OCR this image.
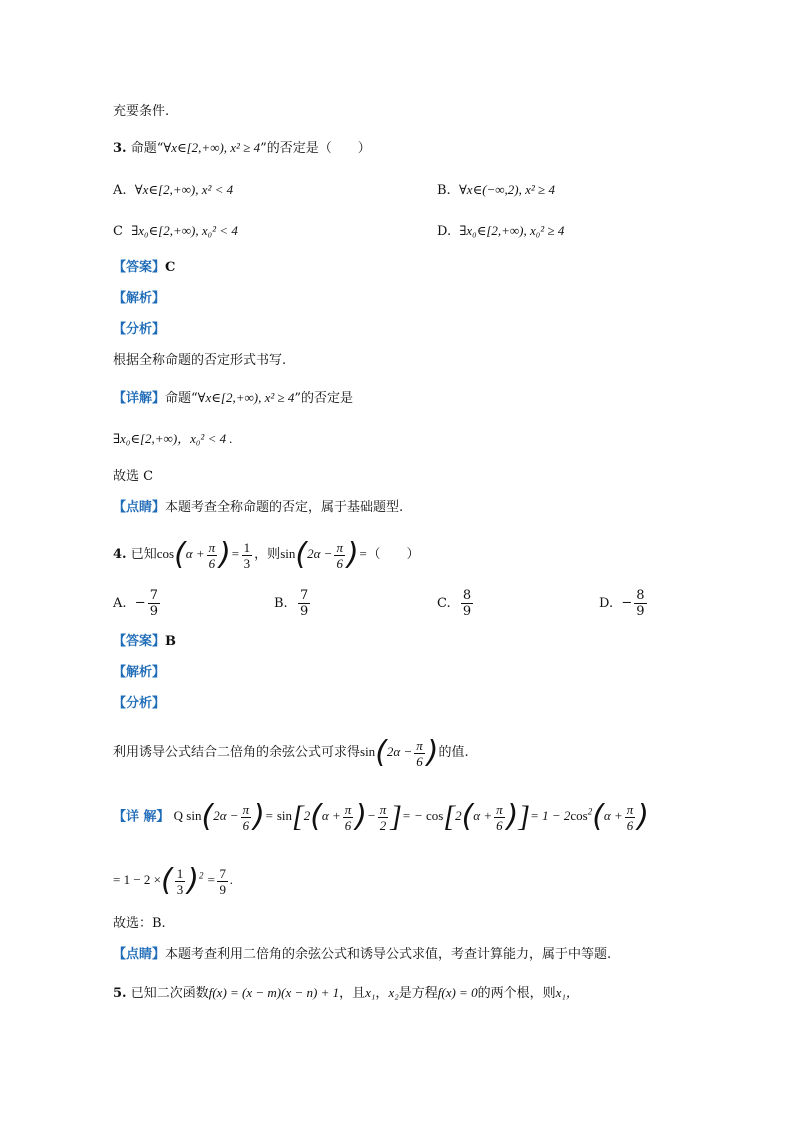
充要条件.
3. 命题“∀x∈[2,+∞), x² ≥ 4”的否定是（　　）
A. ∀x∈[2,+∞), x² < 4	B. ∀x∈(−∞,2), x² ≥ 4
C ∃x₀∈[2,+∞), x₀² < 4	D. ∃x₀∈[2,+∞), x₀² ≥ 4
【答案】C
【解析】
【分析】
根据全称命题的否定形式书写.
【详解】命题“∀x∈[2,+∞), x² ≥ 4”的否定是
∃x₀∈[2,+∞)，x₀² < 4 .
故选 C
【点睛】本题考查全称命题的否定，属于基础题型.
4. 已知$\cos(\alpha + \frac{\pi}{6}$ )= $\frac{1}{3}$ ，则$\sin(2\alpha - \frac{\pi}{6}$ )=（　　）
A. − $\frac{7}{9}$	B. $\frac{7}{9}$	C. $\frac{8}{9}$	D. − $\frac{8}{9}$
【答案】B
【解析】
【分析】
利用诱导公式结合二倍角的余弦公式可求得$\sin(2\alpha - \frac{\pi}{6}$ )的值.
【详 解】 Q $\sin(2\alpha - \frac{\pi}{6}$ )= $\sin[2(\alpha + \frac{\pi}{6}$ )− $\frac{\pi}{2}$ ]= − $\cos[2(\alpha + \frac{\pi}{6}$ )]= $1 - 2\cos^2(\alpha + \frac{\pi}{6}$ )
= 1 − 2 ×( $\frac{1}{3} )^2 = \frac{7}{9}$ .
故选：B.
【点睛】本题考查利用二倍角的余弦公式和诱导公式求值，考查计算能力，属于中等题.
5. 已知二次函数f(x) = (x − m)(x − n) + 1，且x₁，x₂是方程f(x) = 0的两个根，则x₁，
